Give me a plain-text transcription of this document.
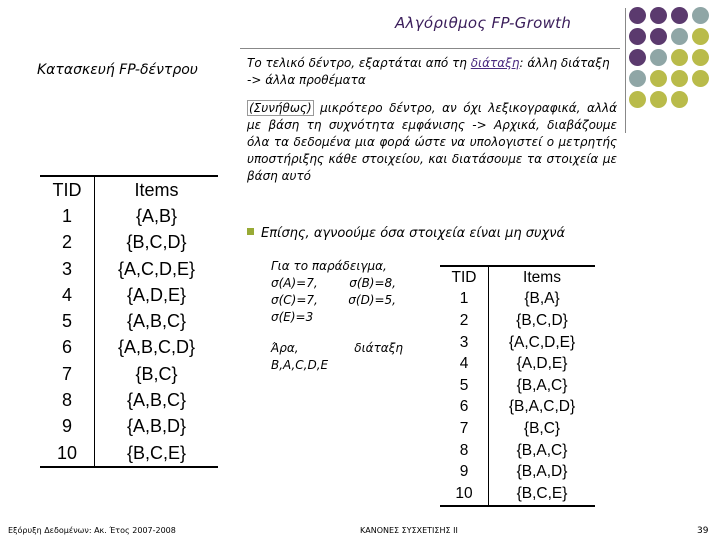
Αλγόριθμος FP-Growth
Κατασκευή FP-δέντρου	Το τελικό δέντρο, εξαρτάται από τη διάταξη: άλλη διάταξη -> άλλα προθέματα
(Συνήθως) μικρότερο δέντρο, αν όχι λεξικογραφικά, αλλά με βάση τη συχνότητα εμφάνισης -> Αρχικά, διαβάζουμε όλα τα δεδομένα μια φορά ώστε να υπολογιστεί ο μετρητής υποστήριξης κάθε στοιχείου, και διατάσουμε τα στοιχεία με βάση αυτό
Επίσης, αγνοούμε όσα στοιχεία είναι μη συχνά
Για το παράδειγμα,
σ(A)=7,	σ(B)=8,
σ(C)=7,	σ(D)=5,
σ(E)=3
Άρα,	διάταξη
B,A,C,D,E
TID	Items
1	{A,B}
2	{B,C,D}
3	{A,C,D,E}
4	{A,D,E}
5	{A,B,C}
6	{A,B,C,D}
7	{B,C}
8	{A,B,C}
9	{A,B,D}
10	{B,C,E}
TID	Items
1	{B,A}
2	{B,C,D}
3	{A,C,D,E}
4	{A,D,E}
5	{B,A,C}
6	{B,A,C,D}
7	{B,C}
8	{B,A,C}
9	{B,A,D}
10	{B,C,E}
Εξόρυξη Δεδομένων: Ακ. Έτος 2007-2008	ΚΑΝΟΝΕΣ ΣΥΣΧΕΤΙΣΗΣ ΙΙ	39
